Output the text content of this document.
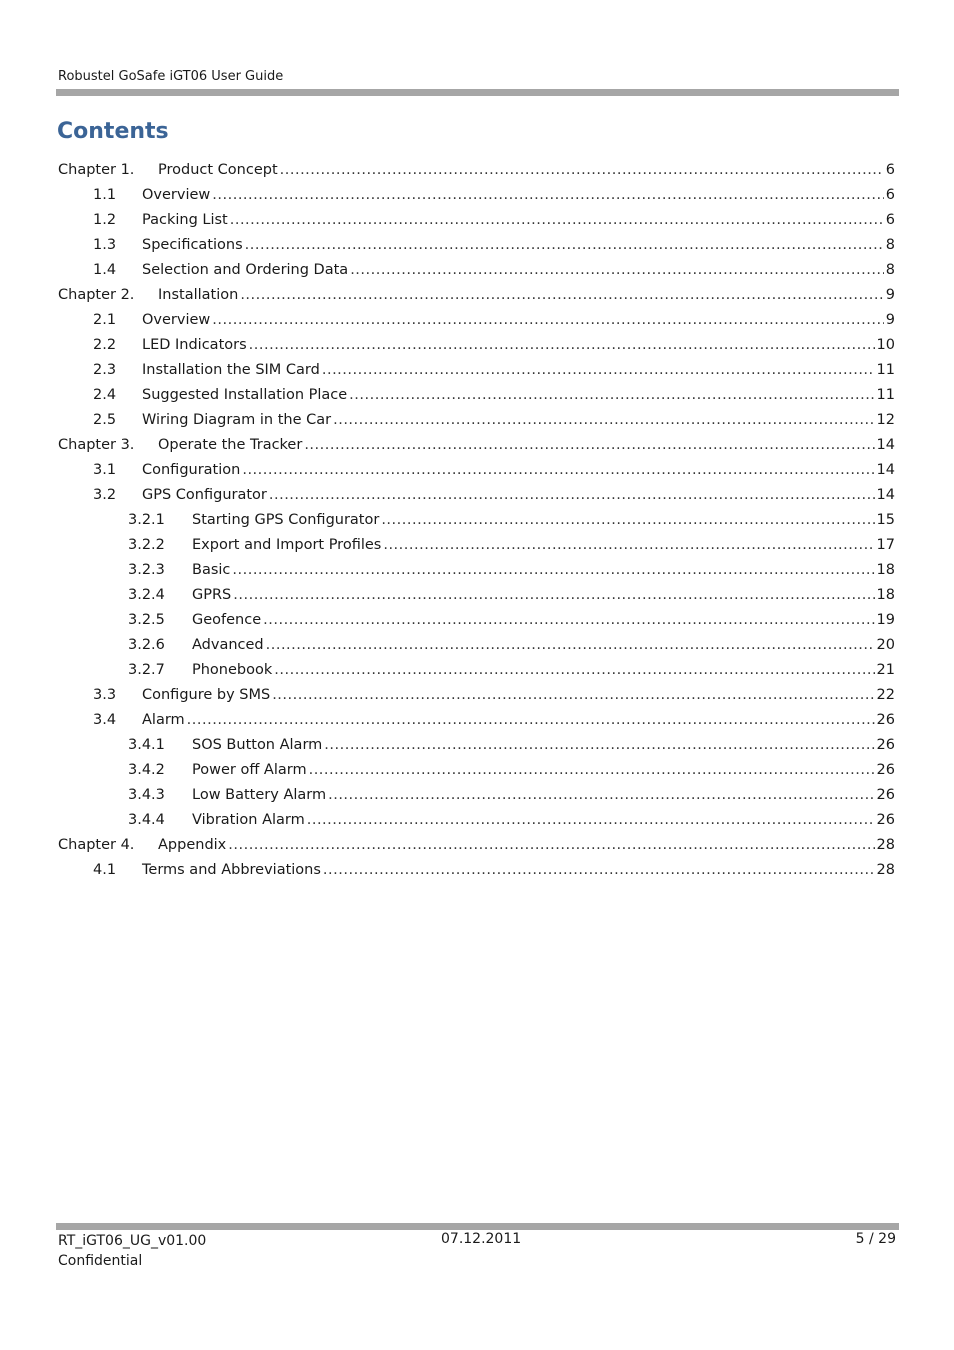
Robustel GoSafe iGT06 User Guide
Contents
Chapter 1. Product Concept .....	6
1.1 Overview .....	6
1.2 Packing List .....	6
1.3 Specifications .....	8
1.4 Selection and Ordering Data .....	8
Chapter 2. Installation .....	9
2.1 Overview .....	9
2.2 LED Indicators .....	10
2.3 Installation the SIM Card .....	11
2.4 Suggested Installation Place .....	11
2.5 Wiring Diagram in the Car .....	12
Chapter 3. Operate the Tracker .....	14
3.1 Configuration .....	14
3.2 GPS Configurator .....	14
3.2.1 Starting GPS Configurator .....	15
3.2.2 Export and Import Profiles .....	17
3.2.3 Basic .....	18
3.2.4 GPRS .....	18
3.2.5 Geofence .....	19
3.2.6 Advanced .....	20
3.2.7 Phonebook .....	21
3.3 Configure by SMS .....	22
3.4 Alarm .....	26
3.4.1 SOS Button Alarm .....	26
3.4.2 Power off Alarm .....	26
3.4.3 Low Battery Alarm .....	26
3.4.4 Vibration Alarm .....	26
Chapter 4. Appendix .....	28
4.1 Terms and Abbreviations .....	28
RT_iGT06_UG_v01.00
Confidential
07.12.2011	5 / 29
